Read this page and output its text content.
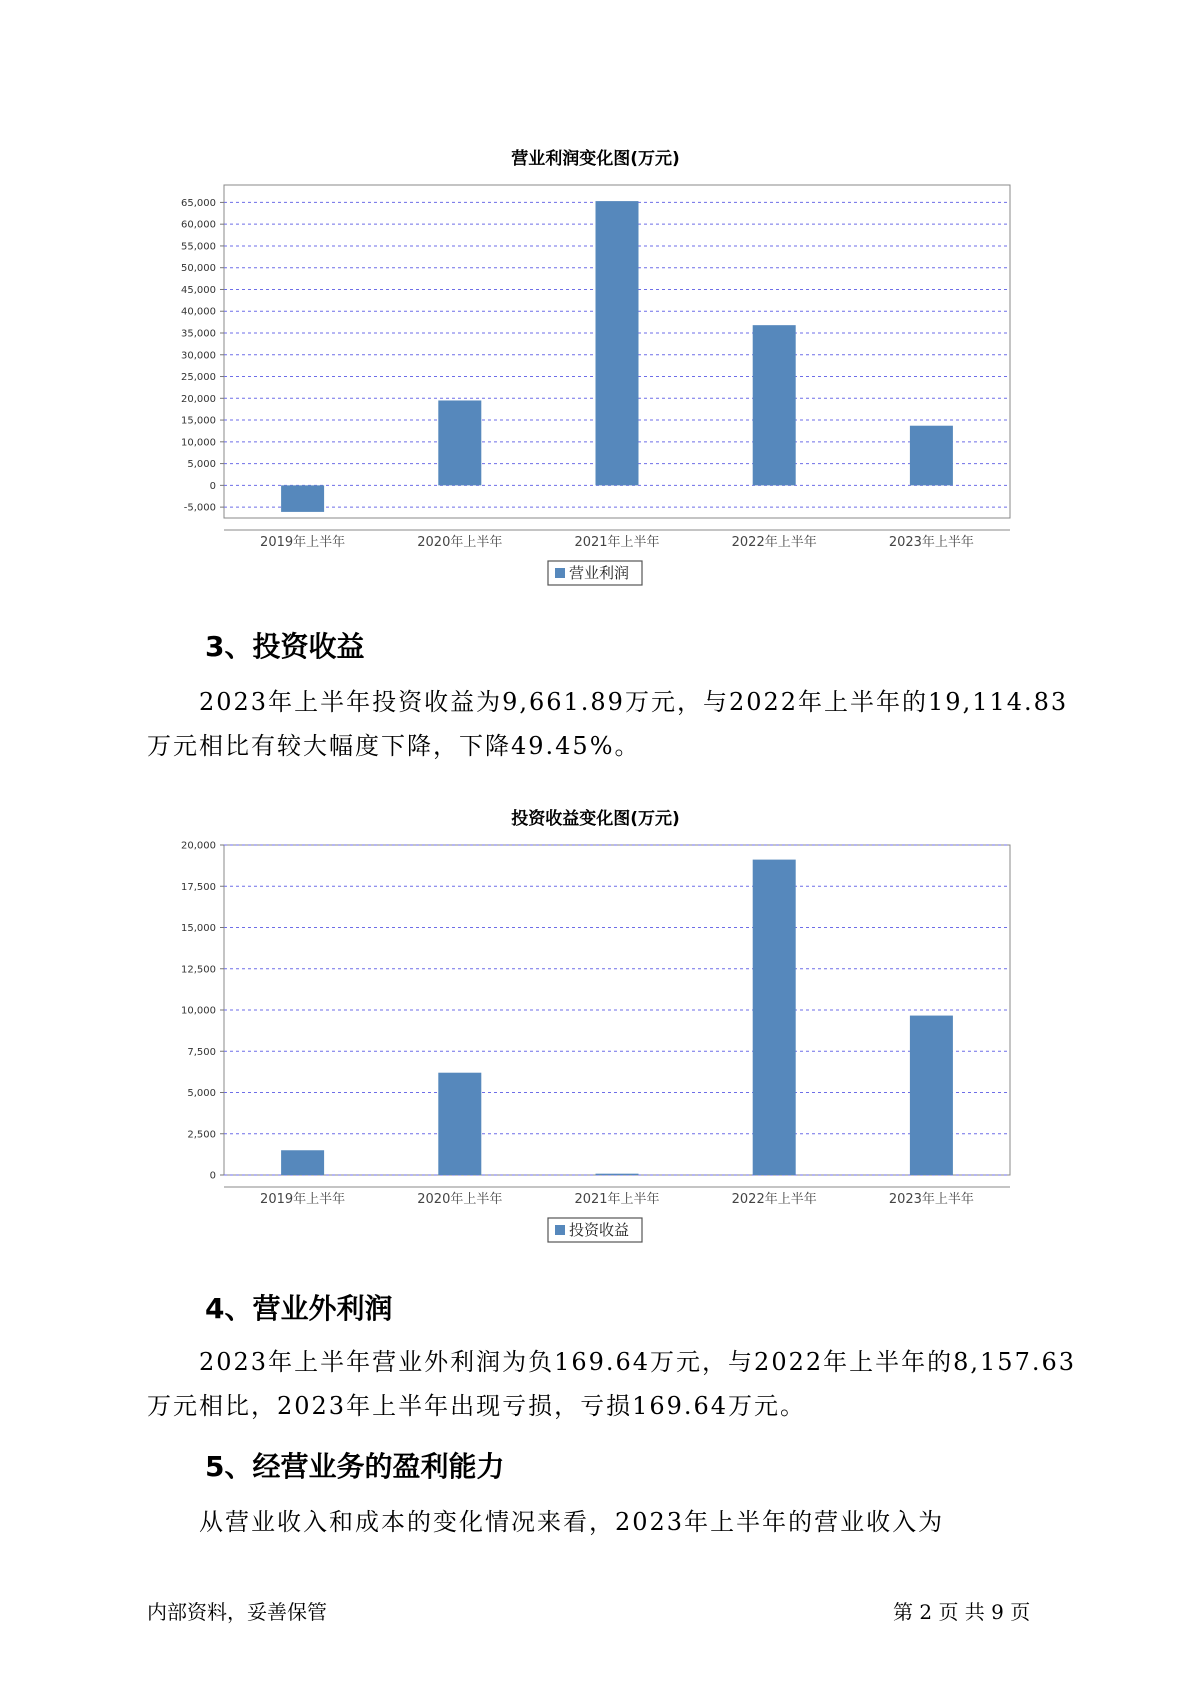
营业利润变化图(万元)
-5,000
0
5,000
10,000
15,000
20,000
25,000
30,000
35,000
40,000
45,000
50,000
55,000
60,000
65,000
2019年上半年	2020年上半年	2021年上半年	2022年上半年	2023年上半年
营业利润
3、投资收益
2023年上半年投资收益为9,661.89万元，与2022年上半年的19,114.83
万元相比有较大幅度下降，下降49.45%。
投资收益变化图(万元)
0
2,500
5,000
7,500
10,000
12,500
15,000
17,500
20,000
2019年上半年	2020年上半年	2021年上半年	2022年上半年	2023年上半年
投资收益
4、营业外利润
2023年上半年营业外利润为负169.64万元，与2022年上半年的8,157.63
万元相比，2023年上半年出现亏损，亏损169.64万元。
5、经营业务的盈利能力
从营业收入和成本的变化情况来看，2023年上半年的营业收入为
内部资料，妥善保管	第 2 页 共 9 页
